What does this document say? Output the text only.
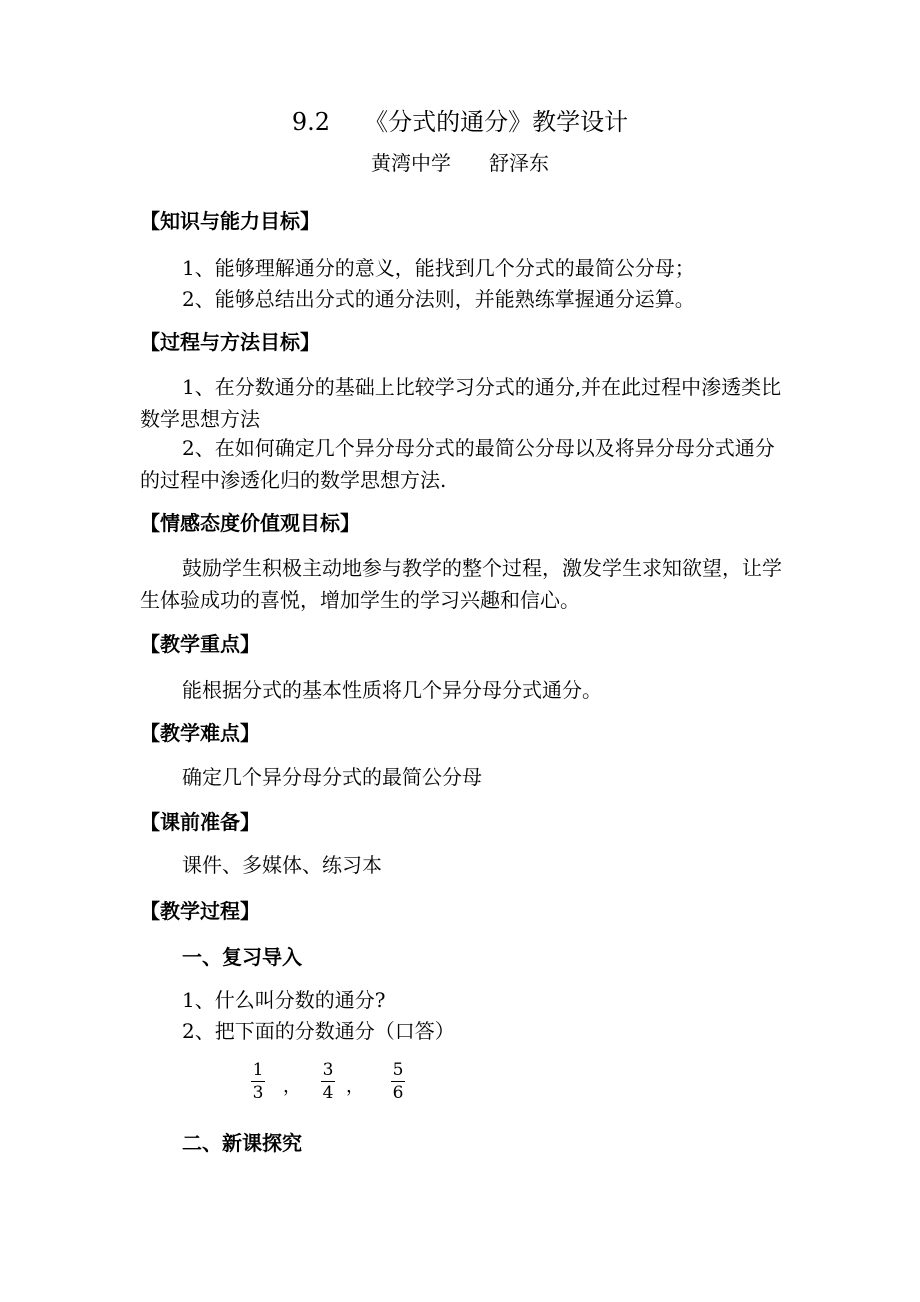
9.2 《分式的通分》教学设计
黄湾中学 舒泽东
【知识与能力目标】
1、能够理解通分的意义，能找到几个分式的最简公分母；
2、能够总结出分式的通分法则，并能熟练掌握通分运算。
【过程与方法目标】
1、在分数通分的基础上比较学习分式的通分,并在此过程中渗透类比数学思想方法
2、在如何确定几个异分母分式的最简公分母以及将异分母分式通分的过程中渗透化归的数学思想方法.
【情感态度价值观目标】
鼓励学生积极主动地参与教学的整个过程，激发学生求知欲望，让学生体验成功的喜悦，增加学生的学习兴趣和信心。
【教学重点】
能根据分式的基本性质将几个异分母分式通分。
【教学难点】
确定几个异分母分式的最简公分母
【课前准备】
课件、多媒体、练习本
【教学过程】
一、复习导入
1、什么叫分数的通分?
2、把下面的分数通分（口答）
1
3 ，
3
4 ，
5
6
二、新课探究
